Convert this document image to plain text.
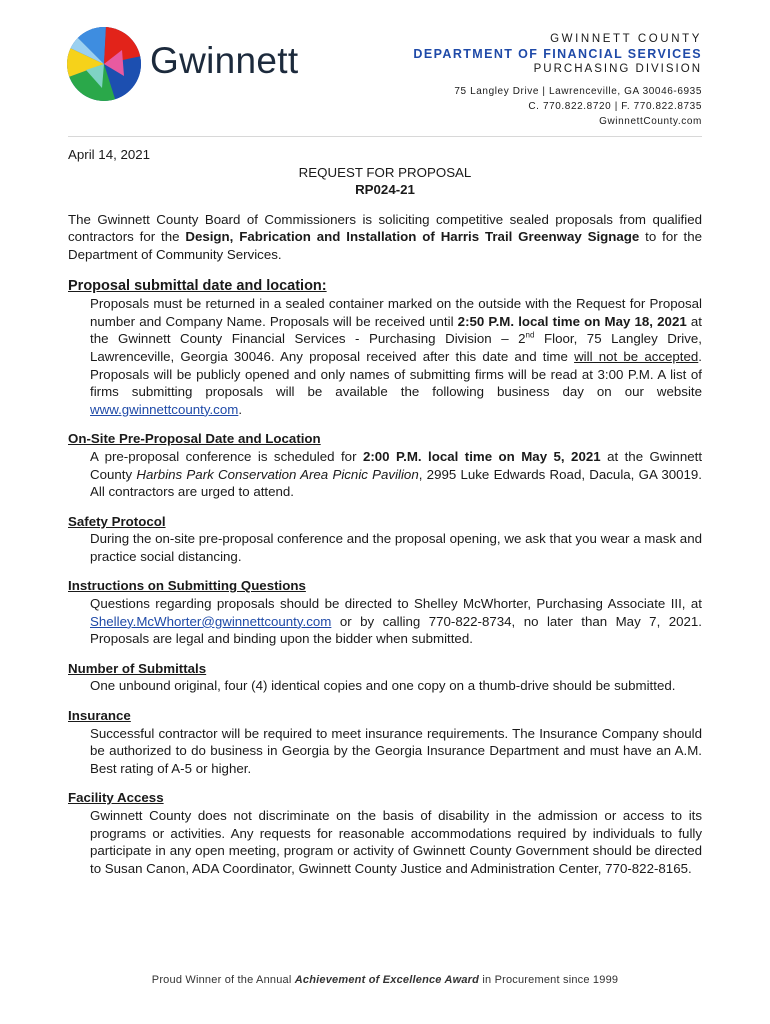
Gwinnett
GWINNETT COUNTY
DEPARTMENT OF FINANCIAL SERVICES
PURCHASING DIVISION
75 Langley Drive | Lawrenceville, GA 30046-6935
C. 770.822.8720 | F. 770.822.8735
GwinnettCounty.com

April 14, 2021

REQUEST FOR PROPOSAL

RP024-21

The Gwinnett County Board of Commissioners is soliciting competitive sealed proposals from qualified contractors for the Design, Fabrication and Installation of Harris Trail Greenway Signage to for the Department of Community Services.

Proposal submittal date and location:

Proposals must be returned in a sealed container marked on the outside with the Request for Proposal number and Company Name. Proposals will be received until 2:50 P.M. local time on May 18, 2021 at the Gwinnett County Financial Services - Purchasing Division – 2nd Floor, 75 Langley Drive, Lawrenceville, Georgia 30046. Any proposal received after this date and time will not be accepted. Proposals will be publicly opened and only names of submitting firms will be read at 3:00 P.M. A list of firms submitting proposals will be available the following business day on our website www.gwinnettcounty.com.

On-Site Pre-Proposal Date and Location

A pre-proposal conference is scheduled for 2:00 P.M. local time on May 5, 2021 at the Gwinnett County Harbins Park Conservation Area Picnic Pavilion, 2995 Luke Edwards Road, Dacula, GA 30019. All contractors are urged to attend.

Safety Protocol

During the on-site pre-proposal conference and the proposal opening, we ask that you wear a mask and practice social distancing.

Instructions on Submitting Questions

Questions regarding proposals should be directed to Shelley McWhorter, Purchasing Associate III, at Shelley.McWhorter@gwinnettcounty.com or by calling 770-822-8734, no later than May 7, 2021. Proposals are legal and binding upon the bidder when submitted.

Number of Submittals

One unbound original, four (4) identical copies and one copy on a thumb-drive should be submitted.

Insurance

Successful contractor will be required to meet insurance requirements. The Insurance Company should be authorized to do business in Georgia by the Georgia Insurance Department and must have an A.M. Best rating of A-5 or higher.

Facility Access

Gwinnett County does not discriminate on the basis of disability in the admission or access to its programs or activities. Any requests for reasonable accommodations required by individuals to fully participate in any open meeting, program or activity of Gwinnett County Government should be directed to Susan Canon, ADA Coordinator, Gwinnett County Justice and Administration Center, 770-822-8165.

Proud Winner of the Annual Achievement of Excellence Award in Procurement since 1999
